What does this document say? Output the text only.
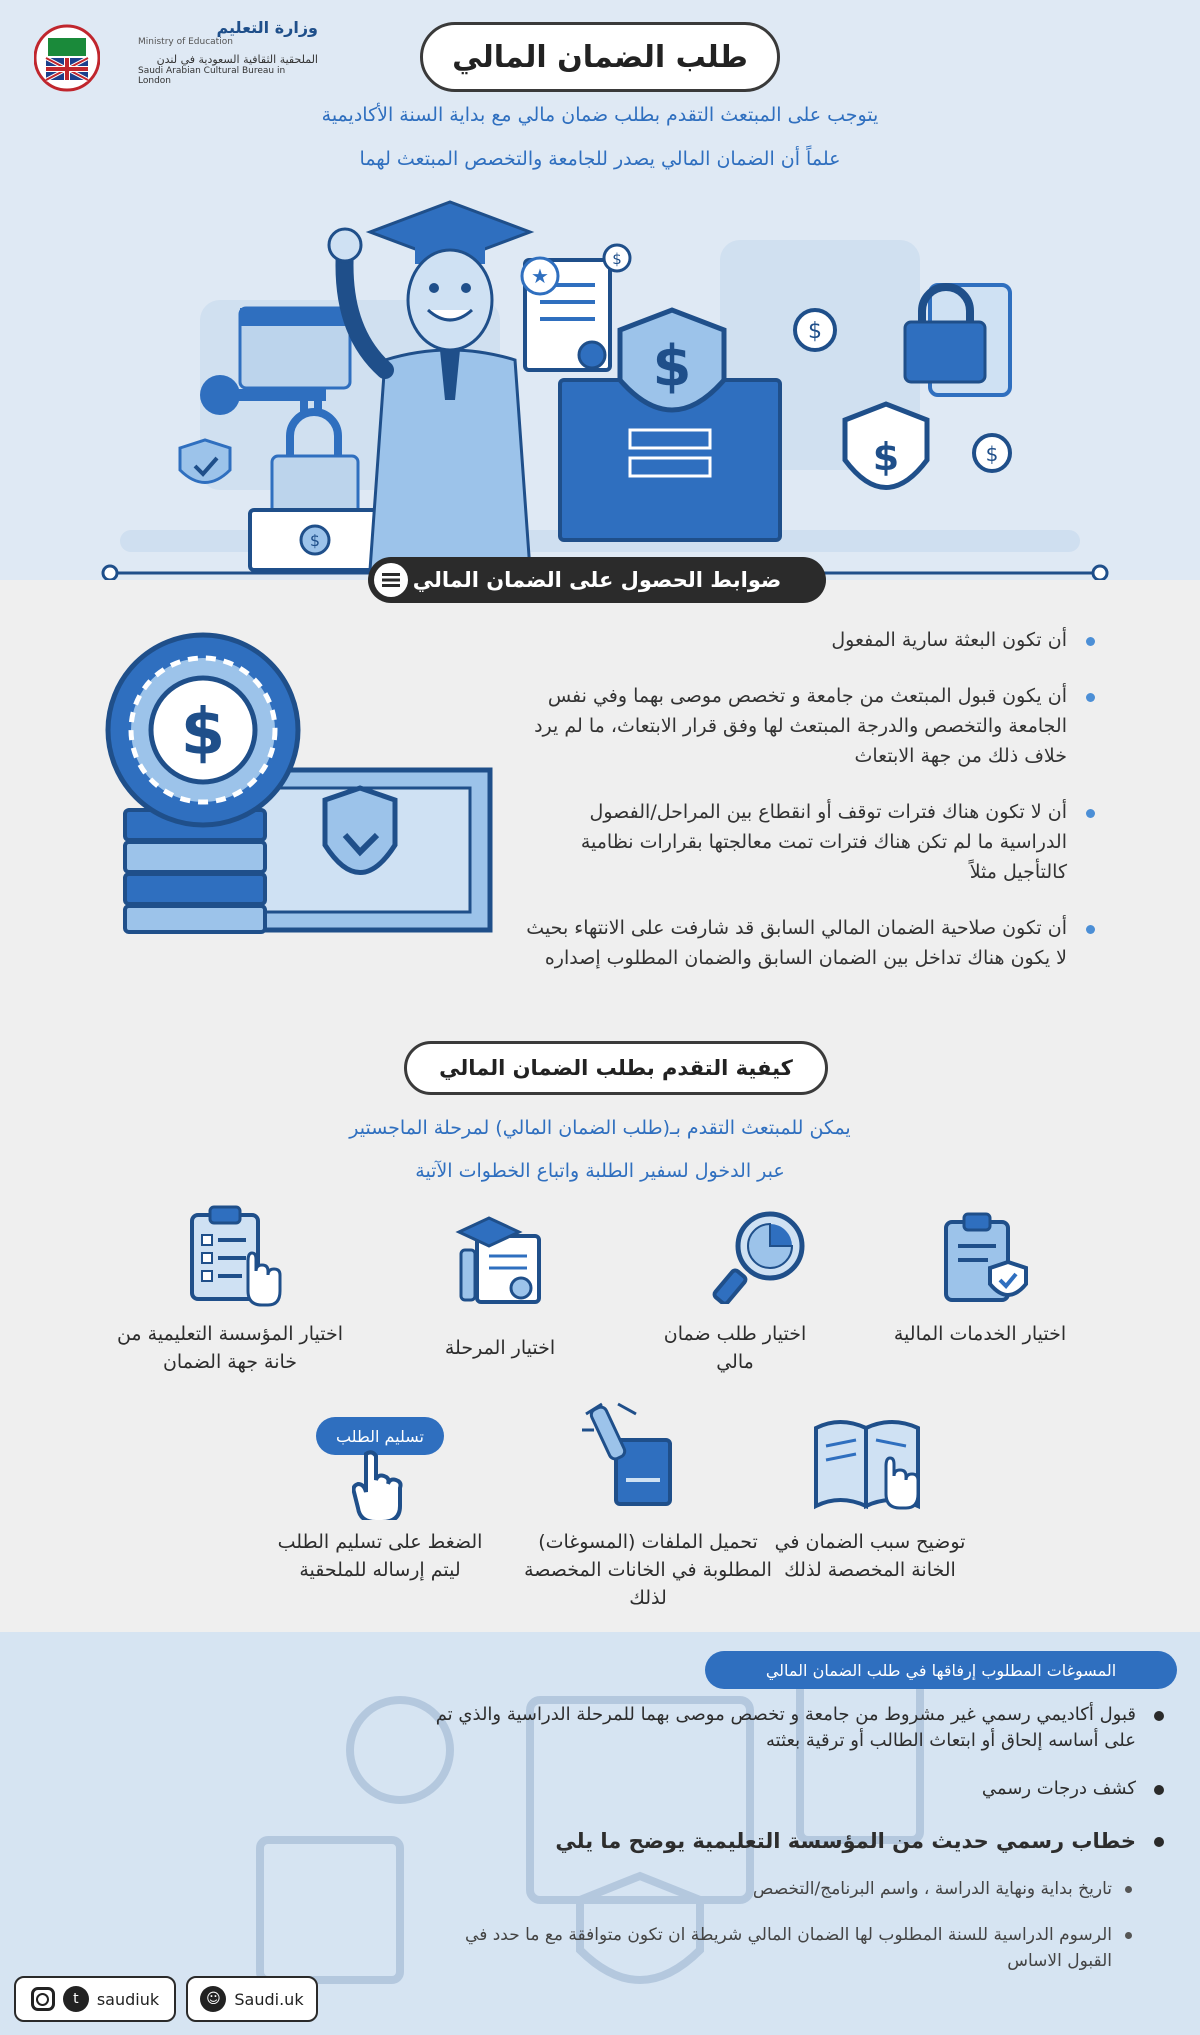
وزارة التعليم
Ministry of Education
الملحقية الثقافية السعودية في لندن
Saudi Arabian Cultural Bureau in London
طلب الضمان المالي
يتوجب على المبتعث التقدم بطلب ضمان مالي مع بداية السنة الأكاديمية
علماً أن الضمان المالي يصدر للجامعة والتخصص المبتعث لهما
$
$
$
$	$
★
$
ضوابط الحصول على الضمان المالي
$
أن تكون البعثة سارية المفعول
أن يكون قبول المبتعث من جامعة و تخصص موصى بهما وفي نفس الجامعة والتخصص والدرجة المبتعث لها وفق قرار الابتعاث، ما لم يرد خلاف ذلك من جهة الابتعاث
أن لا تكون هناك فترات توقف أو انقطاع بين المراحل/الفصول الدراسية ما لم تكن هناك فترات تمت معالجتها بقرارات نظامية كالتأجيل مثلاً
أن تكون صلاحية الضمان المالي السابق قد شارفت على الانتهاء بحيث لا يكون هناك تداخل بين الضمان السابق والضمان المطلوب إصداره
كيفية التقدم بطلب الضمان المالي
يمكن للمبتعث التقدم بـ(طلب الضمان المالي) لمرحلة الماجستير
عبر الدخول لسفير الطلبة واتباع الخطوات الآتية
اختيار الخدمات المالية
اختيار طلب ضمان مالي
اختيار المرحلة
اختيار المؤسسة التعليمية من خانة جهة الضمان
تسليم الطلب
توضيح سبب الضمان في الخانة المخصصة لذلك
تحميل الملفات (المسوغات) المطلوبة في الخانات المخصصة لذلك
الضغط على تسليم الطلب ليتم إرساله للملحقية
المسوغات المطلوب إرفاقها في طلب الضمان المالي
قبول أكاديمي رسمي غير مشروط من جامعة و تخصص موصى بهما للمرحلة الدراسية والذي تم على أساسه إلحاق أو ابتعاث الطالب أو ترقية بعثته
كشف درجات رسمي
خطاب رسمي حديث من المؤسسة التعليمية يوضح ما يلي
تاريخ بداية ونهاية الدراسة ، واسم البرنامج/التخصص
الرسوم الدراسية للسنة المطلوب لها الضمان المالي شريطة ان تكون متوافقة مع ما حدد في القبول الاساس
t	saudiuk	☺ Saudi.uk
